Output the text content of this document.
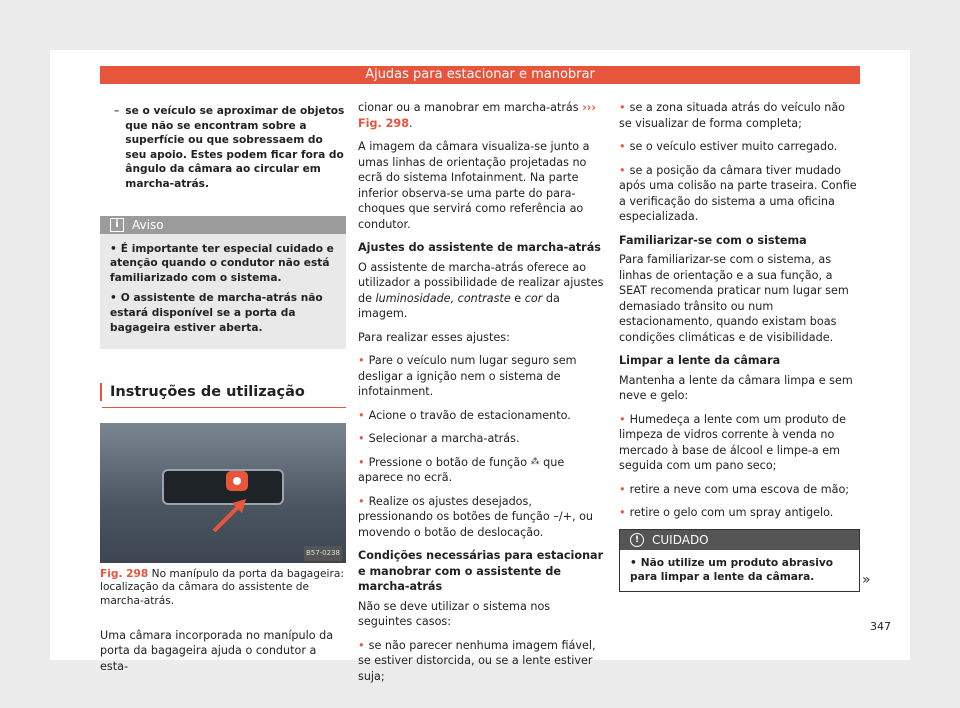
Ajudas para estacionar e manobrar
– se o veículo se aproximar de objetos que não se encontram sobre a superfície ou que sobressaem do seu apoio. Estes podem ficar fora do ângulo da câmara ao circular em marcha-atrás.
i	Aviso

• É importante ter especial cuidado e atenção quando o condutor não está familiarizado com o sistema.

• O assistente de marcha-atrás não estará disponível se a porta da bagageira estiver aberta.

Instruções de utilização
B57-0238
Fig. 298 No manípulo da porta da bagageira: localização da câmara do assistente de marcha-atrás.

Uma câmara incorporada no manípulo da porta da bagageira ajuda o condutor a esta-

cionar ou a manobrar em marcha-atrás ››› Fig. 298.

A imagem da câmara visualiza-se junto a umas linhas de orientação projetadas no ecrã do sistema Infotainment. Na parte inferior observa-se uma parte do para-choques que servirá como referência ao condutor.

Ajustes do assistente de marcha-atrás

O assistente de marcha-atrás oferece ao utilizador a possibilidade de realizar ajustes de luminosidade, contraste e cor da imagem.

Para realizar esses ajustes:

• Pare o veículo num lugar seguro sem desligar a ignição nem o sistema de infotainment.

• Acione o travão de estacionamento.

• Selecionar a marcha-atrás.

• Pressione o botão de função ⁂ que aparece no ecrã.

• Realize os ajustes desejados, pressionando os botões de função –/+, ou movendo o botão de deslocação.

Condições necessárias para estacionar e manobrar com o assistente de marcha-atrás

Não se deve utilizar o sistema nos seguintes casos:

• se não parecer nenhuma imagem fiável, se estiver distorcida, ou se a lente estiver suja;

• se a zona situada atrás do veículo não se visualizar de forma completa;

• se o veículo estiver muito carregado.

• se a posição da câmara tiver mudado após uma colisão na parte traseira. Confie a verificação do sistema a uma oficina especializada.

Familiarizar-se com o sistema

Para familiarizar-se com o sistema, as linhas de orientação e a sua função, a SEAT recomenda praticar num lugar sem demasiado trânsito ou num estacionamento, quando existam boas condições climáticas e de visibilidade.

Limpar a lente da câmara

Mantenha a lente da câmara limpa e sem neve e gelo:

• Humedeça a lente com um produto de limpeza de vidros corrente à venda no mercado à base de álcool e limpe-a em seguida com um pano seco;

• retire a neve com uma escova de mão;

• retire o gelo com um spray antigelo.

!	CUIDADO
• Não utilize um produto abrasivo para limpar a lente da câmara.	»
347
